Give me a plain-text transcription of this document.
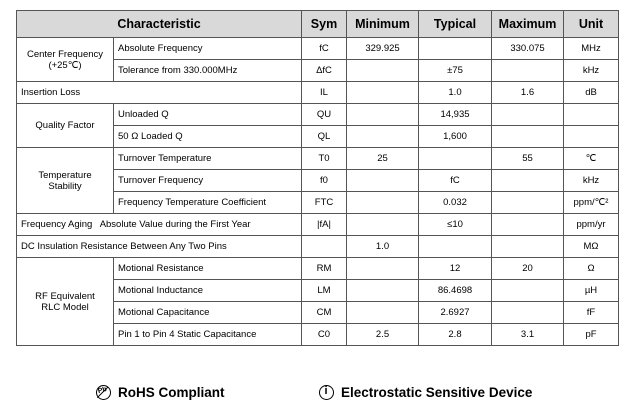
Characteristic		Sym	Minimum	Typical	Maximum	Unit
Center Frequency
(+25℃)	Absolute Frequency	fC	329.925		330.075	MHz
	Tolerance from 330.000MHz	ΔfC		±75		kHz
Insertion Loss		IL		1.0	1.6	dB
Quality Factor	Unloaded Q	QU		14,935		
	50 Ω Loaded Q	QL		1,600		
Temperature
Stability	Turnover Temperature	T0	25		55	℃
	Turnover Frequency	f0		fC		kHz
	Frequency Temperature Coefficient	FTC		0.032		ppm/℃²
Frequency Aging   Absolute Value during the First Year		|fA|		≤10		ppm/yr
DC Insulation Resistance Between Any Two Pins			1.0			MΩ
RF Equivalent
RLC Model	Motional Resistance	RM		12	20	Ω
	Motional Inductance	LM		86.4698		µH
	Motional Capacitance	CM		2.6927		fF
	Pin 1 to Pin 4 Static Capacitance	C0	2.5	2.8	3.1	pF
Pb
RoHS Compliant i	Electrostatic Sensitive Device
